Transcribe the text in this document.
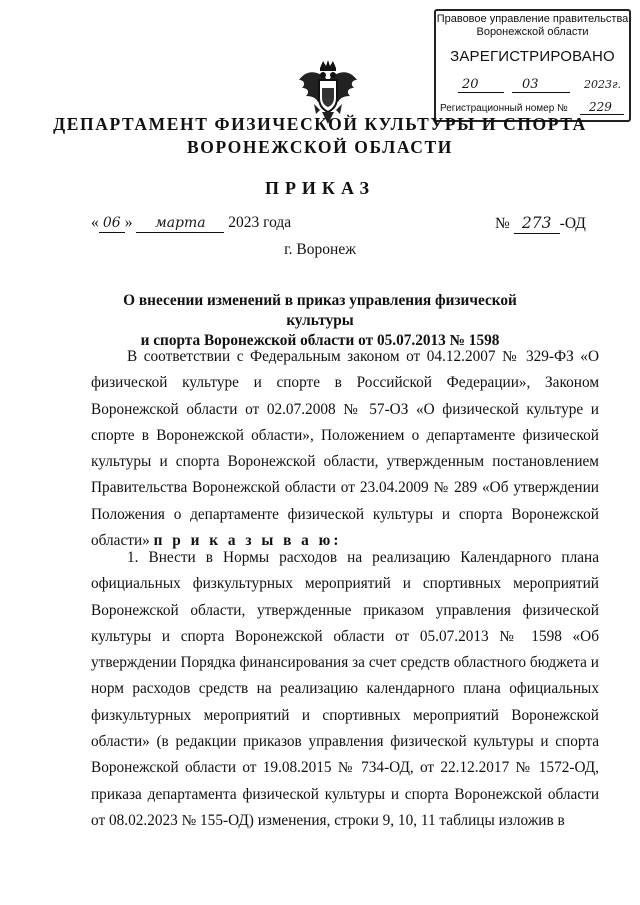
Правовое управление правительства
Воронежской области
ЗАРЕГИСТРИРОВАНО
20	03	2023г.
Регистрационный номер № 229
ДЕПАРТАМЕНТ ФИЗИЧЕСКОЙ КУЛЬТУРЫ И СПОРТА
ВОРОНЕЖСКОЙ ОБЛАСТИ
ПРИКАЗ
« 06 » марта 2023 года	№ 273 -ОД
г. Воронеж
О внесении изменений в приказ управления физической культуры
и спорта Воронежской области от 05.07.2013 № 1598
В соответствии с Федеральным законом от 04.12.2007 № 329-ФЗ «О физической культуре и спорте в Российской Федерации», Законом Воронежской области от 02.07.2008 № 57-ОЗ «О физической культуре и спорте в Воронежской области», Положением о департаменте физической культуры и спорта Воронежской области, утвержденным постановлением Правительства Воронежской области от 23.04.2009 № 289 «Об утверждении Положения о департаменте физической культуры и спорта Воронежской области» п р и к а з ы в а ю:
1. Внести в Нормы расходов на реализацию Календарного плана официальных физкультурных мероприятий и спортивных мероприятий Воронежской области, утвержденные приказом управления физической культуры и спорта Воронежской области от 05.07.2013 № 1598 «Об утверждении Порядка финансирования за счет средств областного бюджета и норм расходов средств на реализацию календарного плана официальных физкультурных мероприятий и спортивных мероприятий Воронежской области» (в редакции приказов управления физической культуры и спорта Воронежской области от 19.08.2015 № 734-ОД, от 22.12.2017 № 1572-ОД, приказа департамента физической культуры и спорта Воронежской области от 08.02.2023 № 155-ОД) изменения, строки 9, 10, 11 таблицы изложив в
